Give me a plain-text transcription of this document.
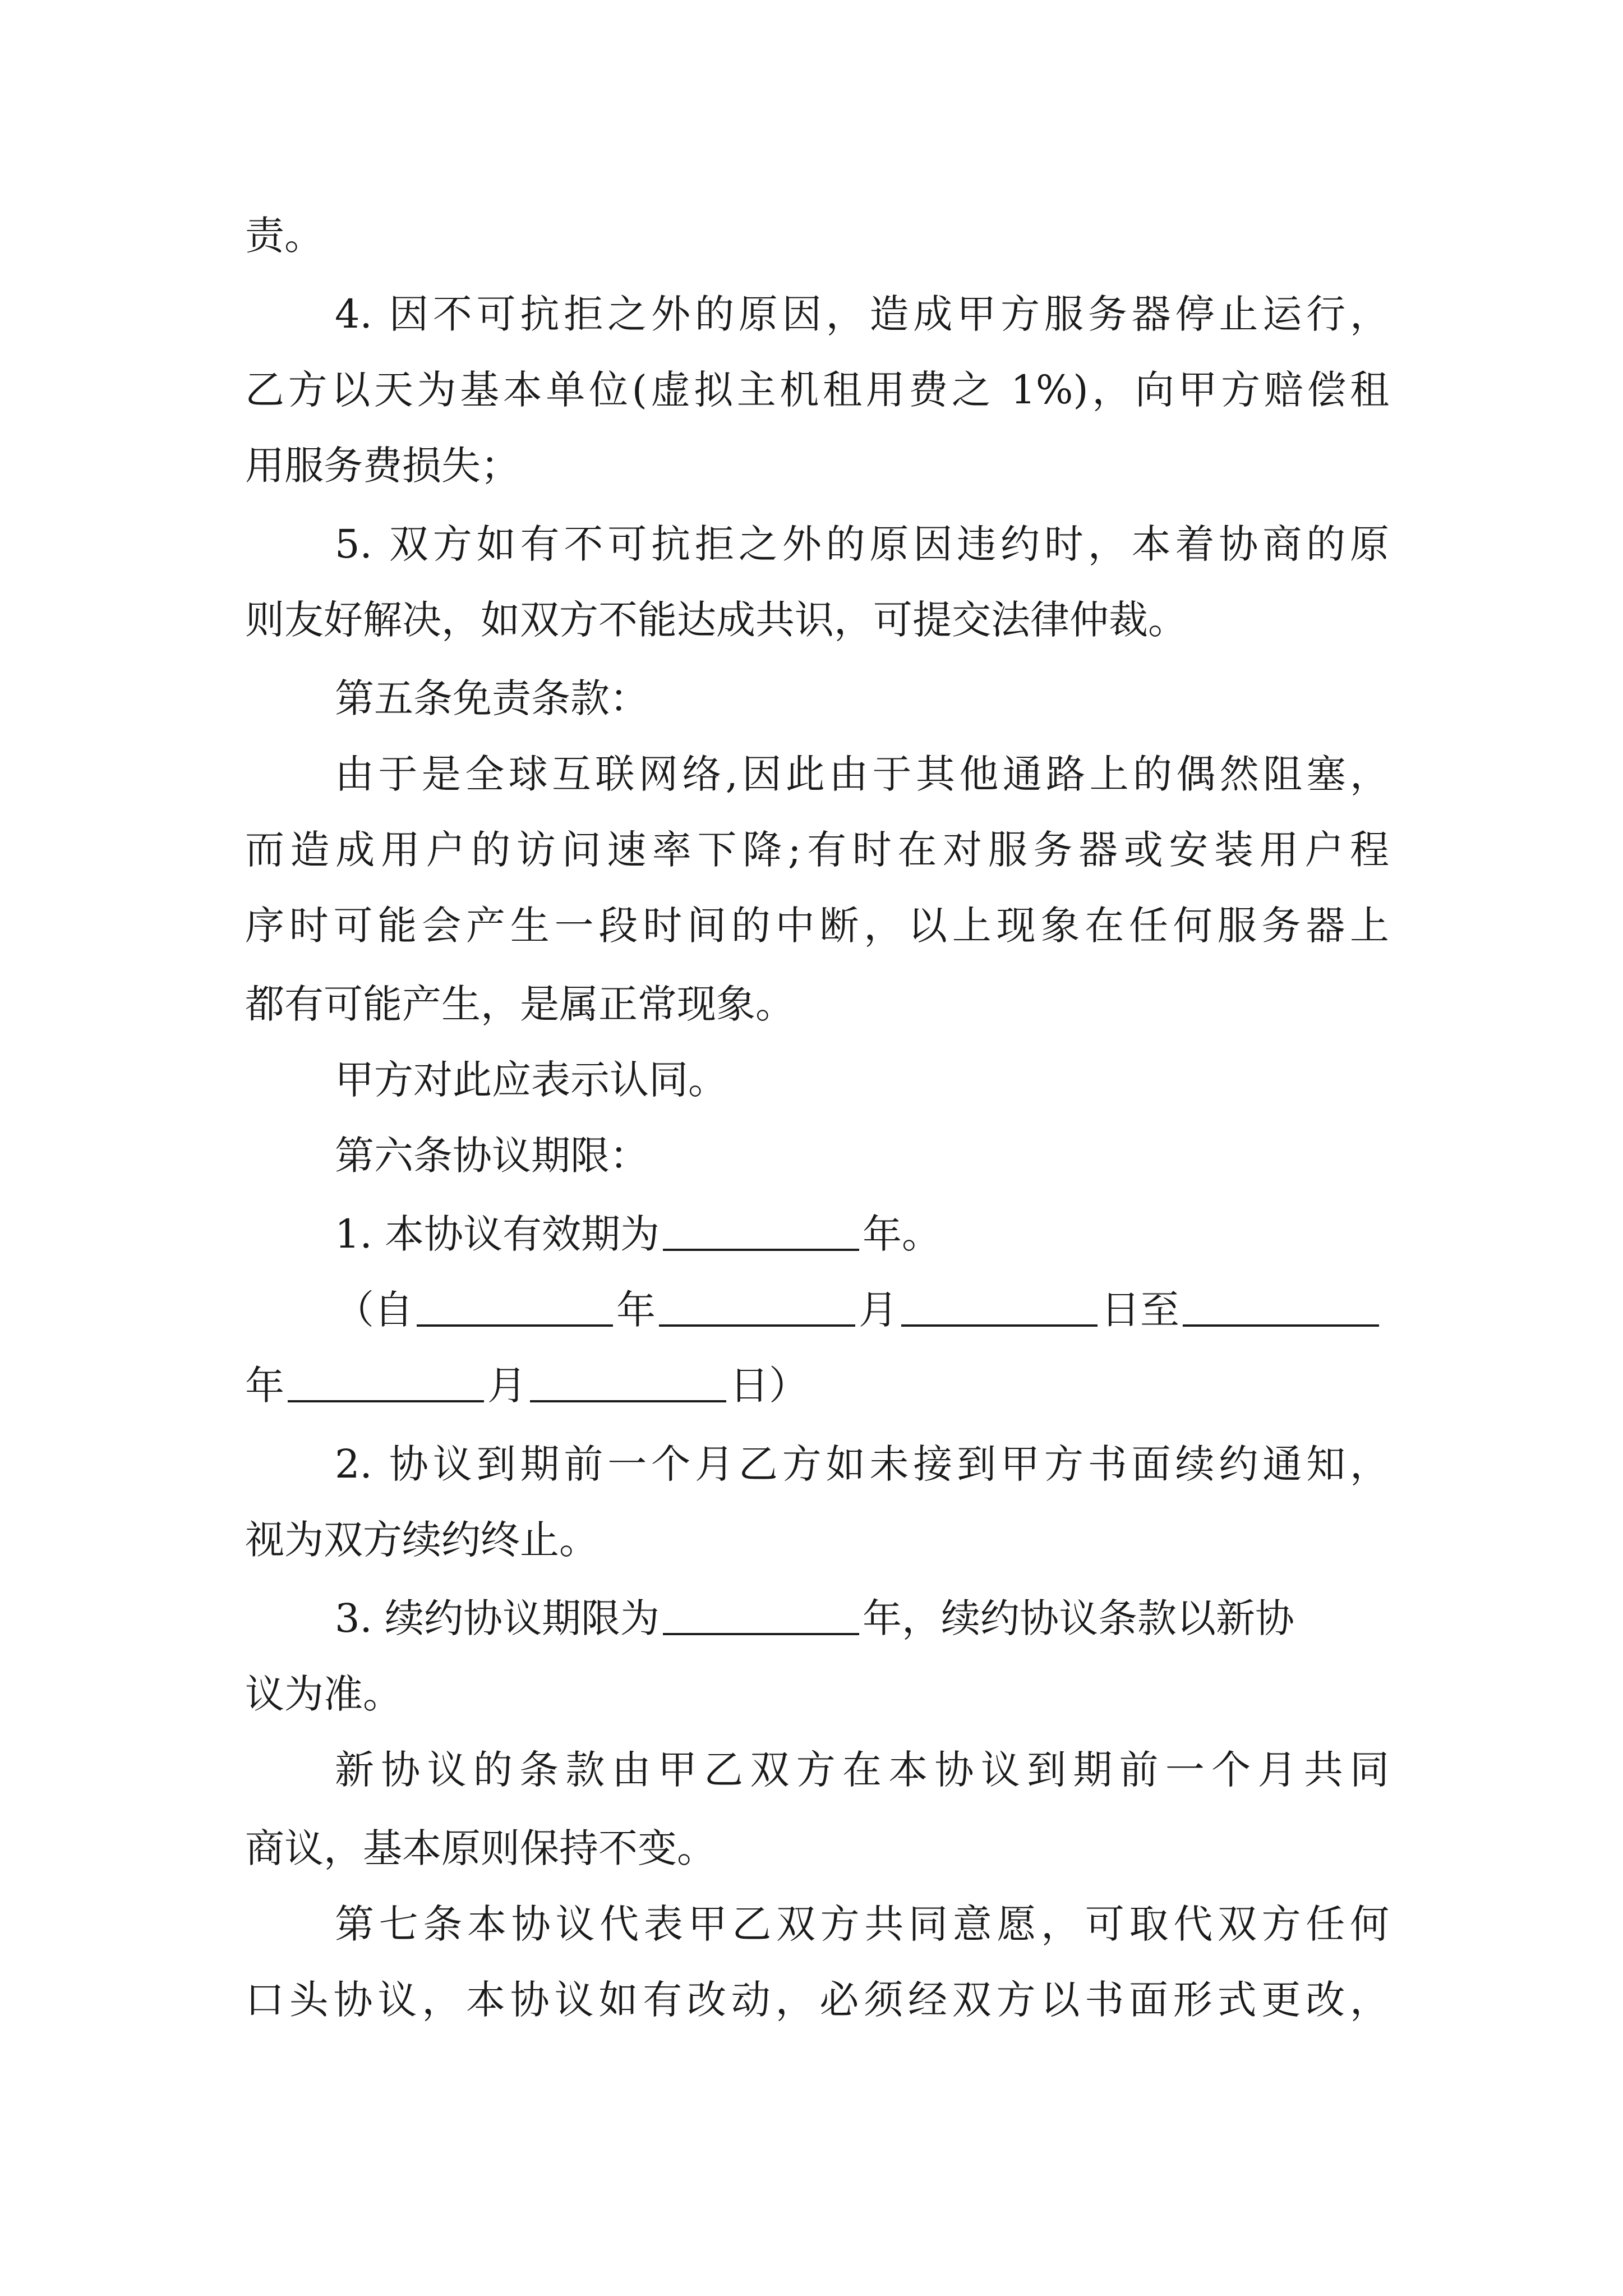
责。
4. 因不可抗拒之外的原因，造成甲方服务器停止运行，
乙方以天为基本单位(虚拟主机租用费之 1%)，向甲方赔偿租
用服务费损失；
5. 双方如有不可抗拒之外的原因违约时，本着协商的原
则友好解决，如双方不能达成共识，可提交法律仲裁。
第五条免责条款：
由于是全球互联网络,因此由于其他通路上的偶然阻塞，
而造成用户的访问速率下降;有时在对服务器或安装用户程
序时可能会产生一段时间的中断，以上现象在任何服务器上
都有可能产生，是属正常现象。
甲方对此应表示认同。
第六条协议期限：
1. 本协议有效期为	年。
（自	年	月	日至
年	月	日）
2. 协议到期前一个月乙方如未接到甲方书面续约通知，
视为双方续约终止。
3. 续约协议期限为	年，续约协议条款以新协
议为准。
新协议的条款由甲乙双方在本协议到期前一个月共同
商议，基本原则保持不变。
第七条本协议代表甲乙双方共同意愿，可取代双方任何
口头协议，本协议如有改动，必须经双方以书面形式更改，
